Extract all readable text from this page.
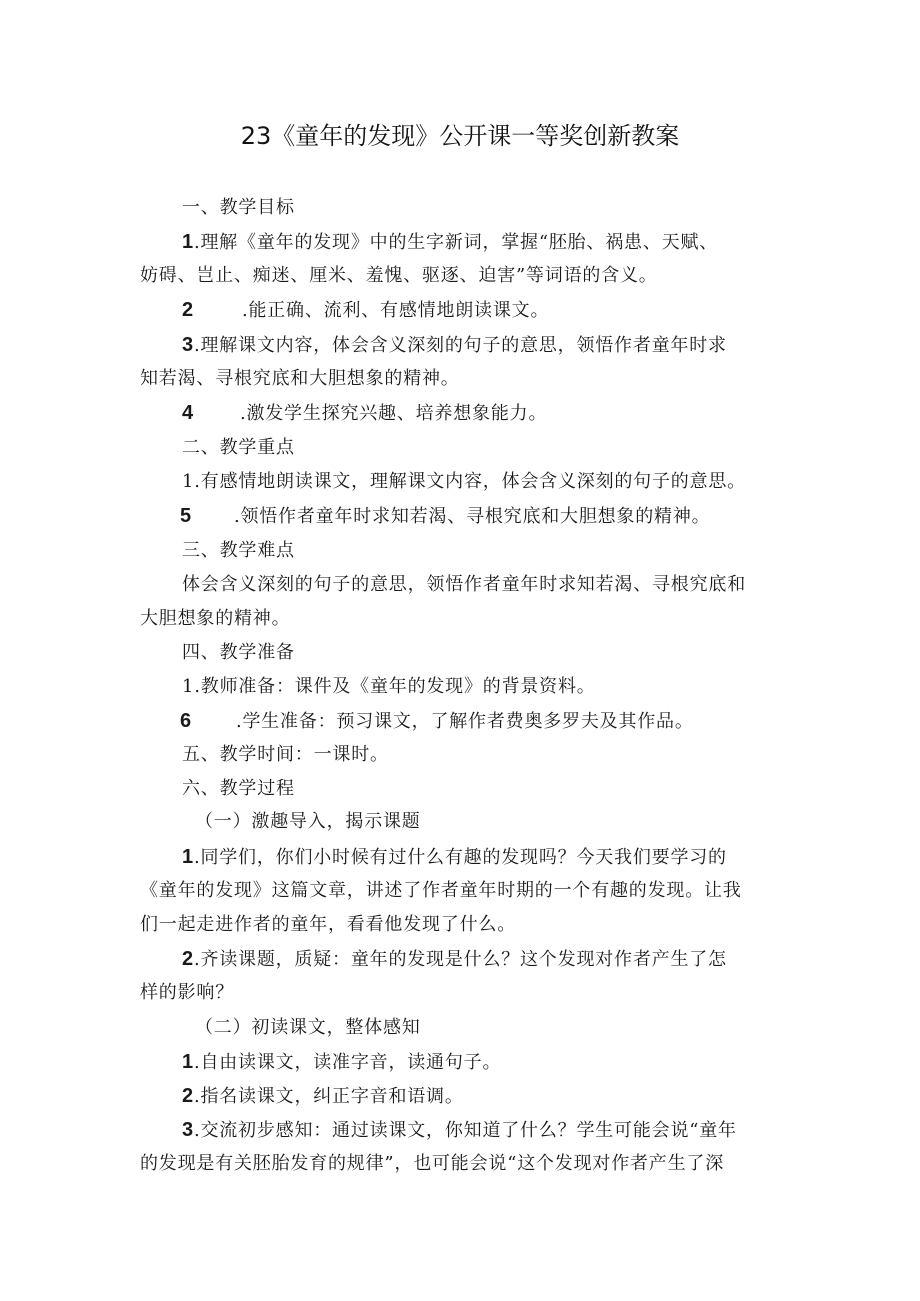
23《童年的发现》公开课一等奖创新教案
一、教学目标
1.理解《童年的发现》中的生字新词，掌握“胚胎、祸患、天赋、
妨碍、岂止、痴迷、厘米、羞愧、驱逐、迫害”等词语的含义。
2	.能正确、流利、有感情地朗读课文。
3.理解课文内容，体会含义深刻的句子的意思，领悟作者童年时求
知若渴、寻根究底和大胆想象的精神。
4	.激发学生探究兴趣、培养想象能力。
二、教学重点
1.有感情地朗读课文，理解课文内容，体会含义深刻的句子的意思。
5 .领悟作者童年时求知若渴、寻根究底和大胆想象的精神。
三、教学难点
体会含义深刻的句子的意思，领悟作者童年时求知若渴、寻根究底和
大胆想象的精神。
四、教学准备
1.教师准备：课件及《童年的发现》的背景资料。
6 .学生准备：预习课文，了解作者费奥多罗夫及其作品。
五、教学时间：一课时。
六、教学过程
（一）激趣导入，揭示课题
1.同学们，你们小时候有过什么有趣的发现吗？今天我们要学习的
《童年的发现》这篇文章，讲述了作者童年时期的一个有趣的发现。让我
们一起走进作者的童年，看看他发现了什么。
2.齐读课题，质疑：童年的发现是什么？这个发现对作者产生了怎
样的影响？
（二）初读课文，整体感知
1.自由读课文，读准字音，读通句子。
2.指名读课文，纠正字音和语调。
3.交流初步感知：通过读课文，你知道了什么？学生可能会说“童年
的发现是有关胚胎发育的规律”，也可能会说“这个发现对作者产生了深
